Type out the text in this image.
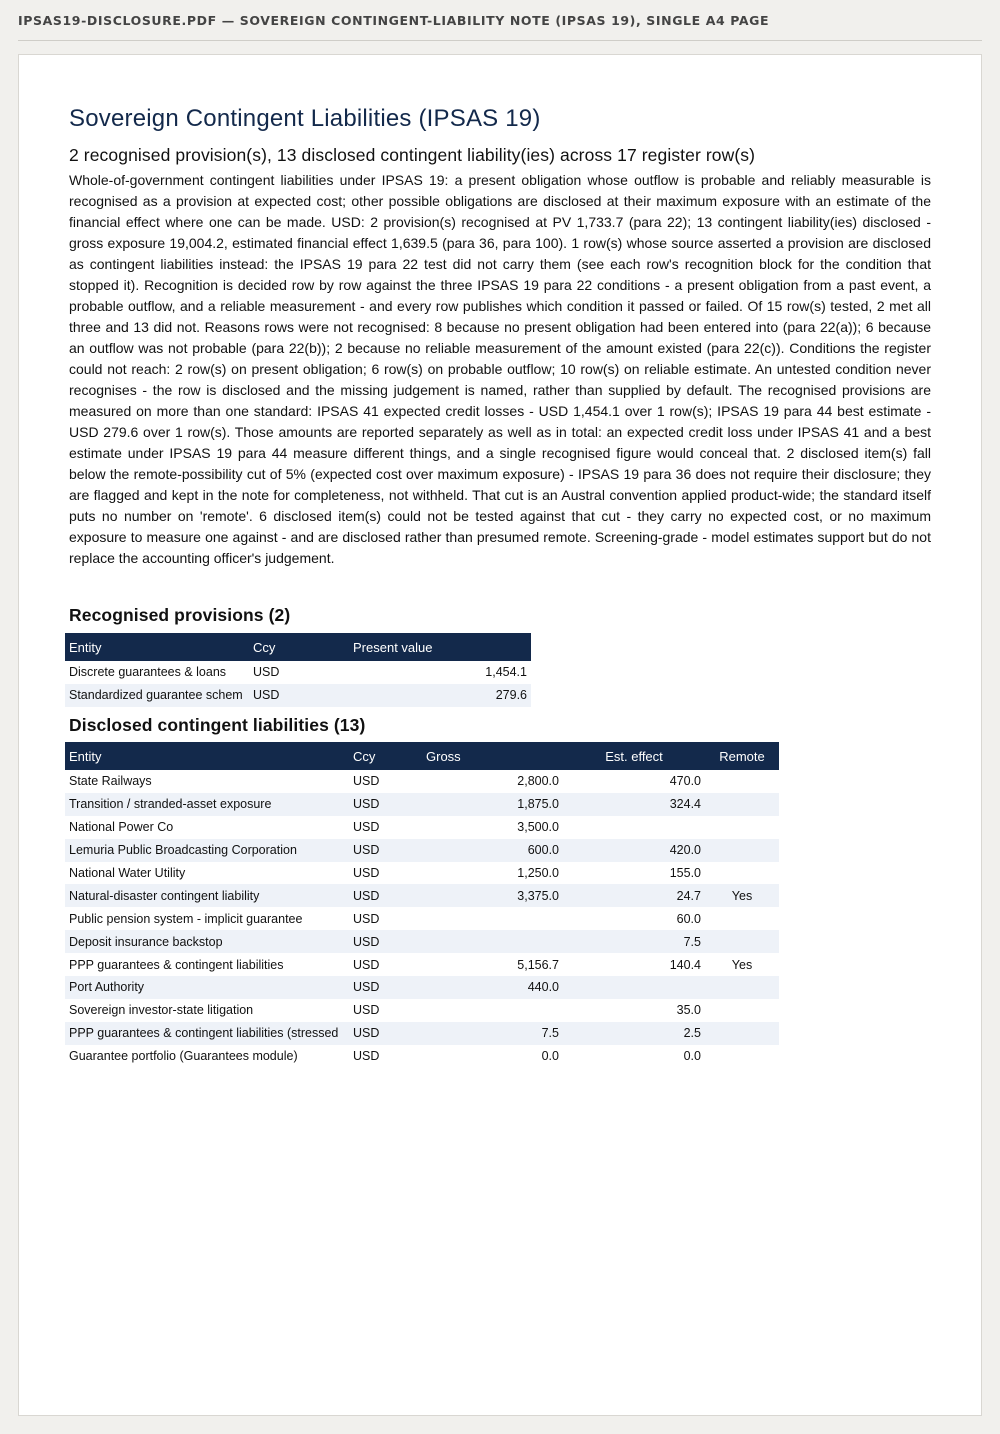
IPSAS19-DISCLOSURE.PDF — SOVEREIGN CONTINGENT-LIABILITY NOTE (IPSAS 19), SINGLE A4 PAGE
Sovereign Contingent Liabilities (IPSAS 19)
2 recognised provision(s), 13 disclosed contingent liability(ies) across 17 register row(s)

Whole-of-government contingent liabilities under IPSAS 19: a present obligation whose outflow is probable and reliably measurable is recognised as a provision at expected cost; other possible obligations are disclosed at their maximum exposure with an estimate of the financial effect where one can be made. USD: 2 provision(s) recognised at PV 1,733.7 (para 22); 13 contingent liability(ies) disclosed - gross exposure 19,004.2, estimated financial effect 1,639.5 (para 36, para 100). 1 row(s) whose source asserted a provision are disclosed as contingent liabilities instead: the IPSAS 19 para 22 test did not carry them (see each row's recognition block for the condition that stopped it). Recognition is decided row by row against the three IPSAS 19 para 22 conditions - a present obligation from a past event, a probable outflow, and a reliable measurement - and every row publishes which condition it passed or failed. Of 15 row(s) tested, 2 met all three and 13 did not. Reasons rows were not recognised: 8 because no present obligation had been entered into (para 22(a)); 6 because an outflow was not probable (para 22(b)); 2 because no reliable measurement of the amount existed (para 22(c)). Conditions the register could not reach: 2 row(s) on present obligation; 6 row(s) on probable outflow; 10 row(s) on reliable estimate. An untested condition never recognises - the row is disclosed and the missing judgement is named, rather than supplied by default. The recognised provisions are measured on more than one standard: IPSAS 41 expected credit losses - USD 1,454.1 over 1 row(s); IPSAS 19 para 44 best estimate - USD 279.6 over 1 row(s). Those amounts are reported separately as well as in total: an expected credit loss under IPSAS 41 and a best estimate under IPSAS 19 para 44 measure different things, and a single recognised figure would conceal that. 2 disclosed item(s) fall below the remote-possibility cut of 5% (expected cost over maximum exposure) - IPSAS 19 para 36 does not require their disclosure; they are flagged and kept in the note for completeness, not withheld. That cut is an Austral convention applied product-wide; the standard itself puts no number on 'remote'. 6 disclosed item(s) could not be tested against that cut - they carry no expected cost, or no maximum exposure to measure one against - and are disclosed rather than presumed remote. Screening-grade - model estimates support but do not replace the accounting officer's judgement.

Recognised provisions (2)
Entity	Ccy	Present value
Discrete guarantees & loans	USD	1,454.1
Standardized guarantee schem	USD	279.6
Disclosed contingent liabilities (13)
Entity	Ccy	Gross	Est. effect	Remote
State Railways	USD	2,800.0	470.0	
Transition / stranded-asset exposure	USD	1,875.0	324.4	
National Power Co	USD	3,500.0		
Lemuria Public Broadcasting Corporation	USD	600.0	420.0	
National Water Utility	USD	1,250.0	155.0	
Natural-disaster contingent liability	USD	3,375.0	24.7	Yes
Public pension system - implicit guarantee	USD		60.0	
Deposit insurance backstop	USD		7.5	
PPP guarantees & contingent liabilities	USD	5,156.7	140.4	Yes
Port Authority	USD	440.0		
Sovereign investor-state litigation	USD		35.0	
PPP guarantees & contingent liabilities (stressed	USD	7.5	2.5	
Guarantee portfolio (Guarantees module)	USD	0.0	0.0	
